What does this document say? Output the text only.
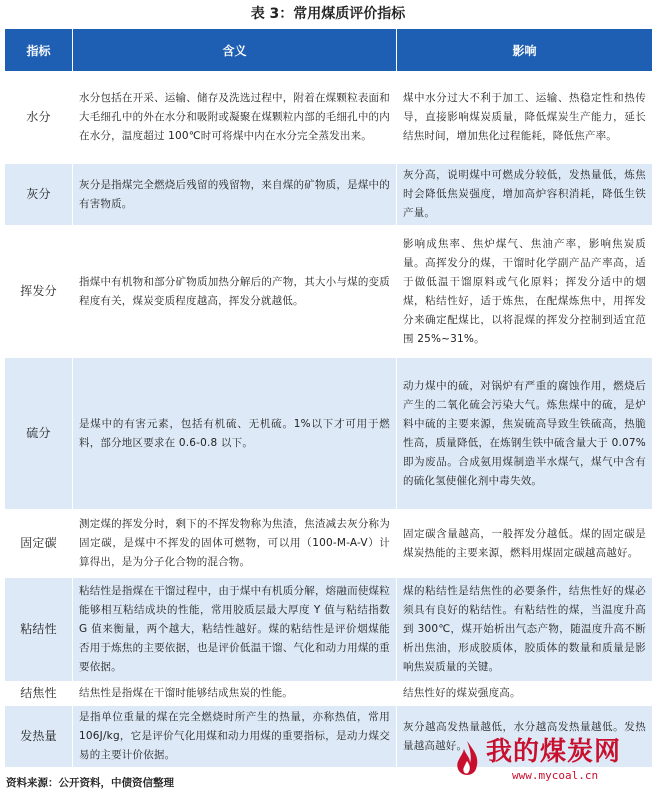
表 3：常用煤质评价指标
指标	含义	影响
水分	水分包括在开采、运输、储存及洗选过程中，附着在煤颗粒表面和大毛细孔中的外在水分和吸附或凝聚在煤颗粒内部的毛细孔中的内在水分，温度超过 100℃时可将煤中内在水分完全蒸发出来。	煤中水分过大不利于加工、运输、热稳定性和热传导，直接影响煤炭质量，降低煤炭生产能力，延长结焦时间，增加焦化过程能耗，降低焦产率。
灰分	灰分是指煤完全燃烧后残留的残留物，来自煤的矿物质，是煤中的有害物质。	灰分高，说明煤中可燃成分较低，发热量低，炼焦时会降低焦炭强度，增加高炉容积消耗，降低生铁产量。
挥发分	指煤中有机物和部分矿物质加热分解后的产物，其大小与煤的变质程度有关，煤炭变质程度越高，挥发分就越低。	影响成焦率、焦炉煤气、焦油产率，影响焦炭质量。高挥发分的煤，干馏时化学副产品产率高，适于做低温干馏原料或气化原料；挥发分适中的烟煤，粘结性好，适于炼焦，在配煤炼焦中，用挥发分来确定配煤比，以将混煤的挥发分控制到适宜范围 25%~31%。
硫分	是煤中的有害元素，包括有机硫、无机硫。1%以下才可用于燃料，部分地区要求在 0.6-0.8 以下。	动力煤中的硫，对锅炉有严重的腐蚀作用，燃烧后产生的二氧化硫会污染大气。炼焦煤中的硫，是炉料中硫的主要来源，焦炭硫高导致生铁硫高，热脆性高，质量降低，在炼钢生铁中硫含量大于 0.07%即为废品。合成氨用煤制造半水煤气，煤气中含有的硫化氢使催化剂中毒失效。
固定碳	测定煤的挥发分时，剩下的不挥发物称为焦渣，焦渣减去灰分称为固定碳，是煤中不挥发的固体可燃物，可以用（100-M-A-V）计算得出，是为分子化合物的混合物。	固定碳含量越高，一般挥发分越低。煤的固定碳是煤炭热能的主要来源，燃料用煤固定碳越高越好。
粘结性	粘结性是指煤在干馏过程中，由于煤中有机质分解，熔融而使煤粒能够相互粘结成块的性能，常用胶质层最大厚度 Y 值与粘结指数 G 值来衡量，两个越大，粘结性越好。煤的粘结性是评价烟煤能否用于炼焦的主要依据，也是评价低温干馏、气化和动力用煤的重要依据。	煤的粘结性是结焦性的必要条件，结焦性好的煤必须具有良好的粘结性。有粘结性的煤，当温度升高到 300℃，煤开始析出气态产物，随温度升高不断析出焦油，形成胶质体，胶质体的数量和质量是影响焦炭质量的关键。
结焦性	结焦性是指煤在干馏时能够结成焦炭的性能。	结焦性好的煤炭强度高。
发热量	是指单位重量的煤在完全燃烧时所产生的热量，亦称热值，常用 106J/kg，它是评价气化用煤和动力用煤的重要指标，是动力煤交易的主要计价依据。	灰分越高发热量越低，水分越高发热量越低。发热量越高越好。
资料来源：公开资料，中债资信整理
我的煤炭网
www.mycoal.cn
